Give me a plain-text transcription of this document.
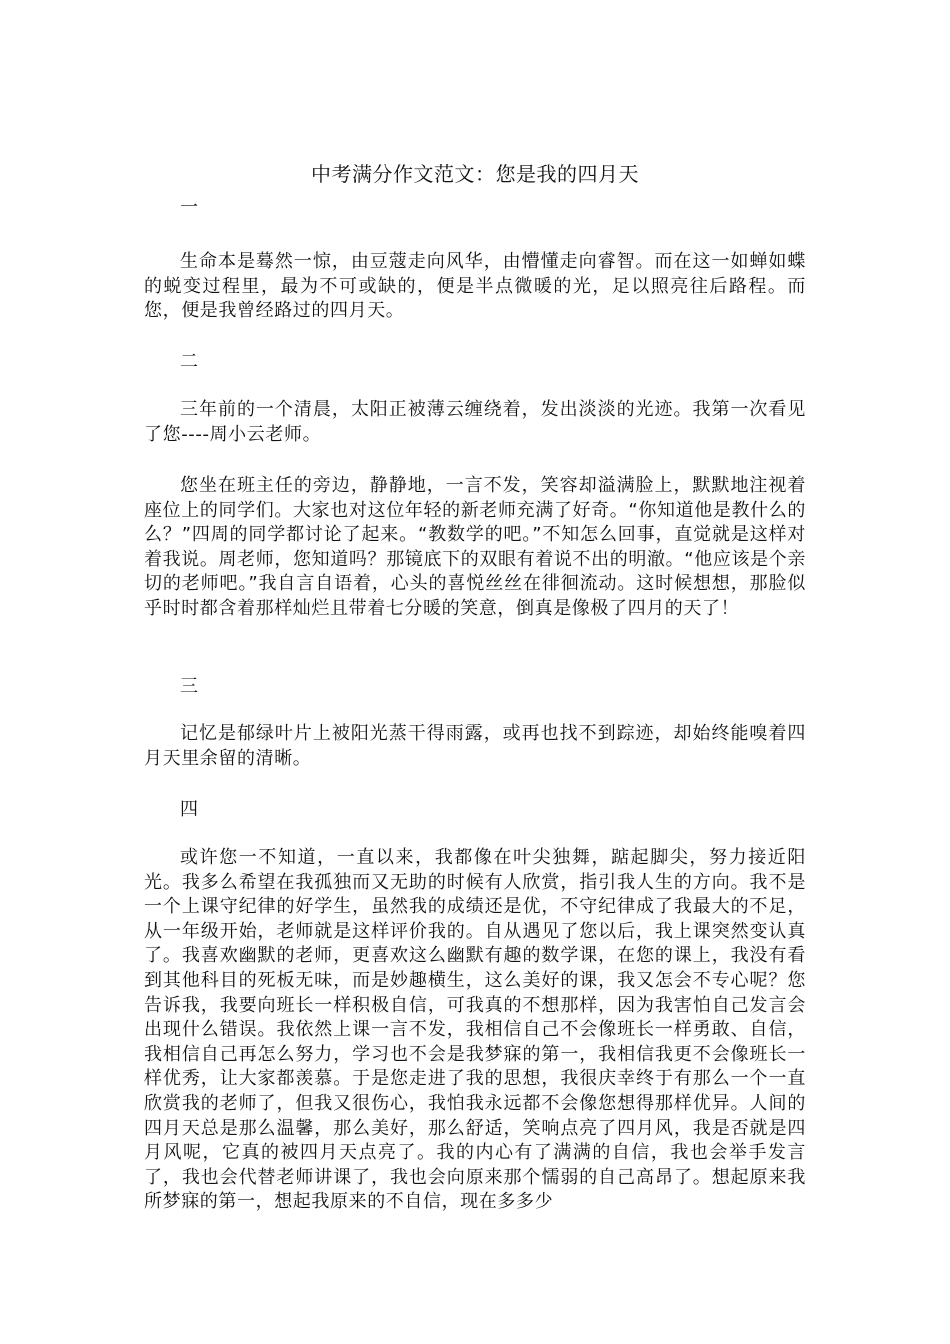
中考满分作文范文：您是我的四月天
一

生命本是蓦然一惊，由豆蔻走向风华，由懵懂走向睿智。而在这一如蝉如蝶的蜕变过程里，最为不可或缺的，便是半点微暖的光，足以照亮往后路程。而您，便是我曾经路过的四月天。

二

三年前的一个清晨，太阳正被薄云缠绕着，发出淡淡的光迹。我第一次看见了您----周小云老师。

您坐在班主任的旁边，静静地，一言不发，笑容却溢满脸上，默默地注视着座位上的同学们。大家也对这位年轻的新老师充满了好奇。“你知道他是教什么的么？”四周的同学都讨论了起来。“教数学的吧。”不知怎么回事，直觉就是这样对着我说。周老师，您知道吗？那镜底下的双眼有着说不出的明澈。“他应该是个亲切的老师吧。”我自言自语着，心头的喜悦丝丝在徘徊流动。这时候想想，那脸似乎时时都含着那样灿烂且带着七分暖的笑意，倒真是像极了四月的天了！

三

记忆是郁绿叶片上被阳光蒸干得雨露，或再也找不到踪迹，却始终能嗅着四月天里余留的清晰。

四

或许您一不知道，一直以来，我都像在叶尖独舞，踮起脚尖，努力接近阳光。我多么希望在我孤独而又无助的时候有人欣赏，指引我人生的方向。我不是一个上课守纪律的好学生，虽然我的成绩还是优，不守纪律成了我最大的不足，从一年级开始，老师就是这样评价我的。自从遇见了您以后，我上课突然变认真了。我喜欢幽默的老师，更喜欢这么幽默有趣的数学课，在您的课上，我没有看到其他科目的死板无味，而是妙趣横生，这么美好的课，我又怎会不专心呢？您告诉我，我要向班长一样积极自信，可我真的不想那样，因为我害怕自己发言会出现什么错误。我依然上课一言不发，我相信自己不会像班长一样勇敢、自信，我相信自己再怎么努力，学习也不会是我梦寐的第一，我相信我更不会像班长一样优秀，让大家都羡慕。于是您走进了我的思想，我很庆幸终于有那么一个一直欣赏我的老师了，但我又很伤心，我怕我永远都不会像您想得那样优异。人间的四月天总是那么温馨，那么美好，那么舒适，笑响点亮了四月风，我是否就是四月风呢，它真的被四月天点亮了。我的内心有了满满的自信，我也会举手发言了，我也会代替老师讲课了，我也会向原来那个懦弱的自己高昂了。想起原来我所梦寐的第一，想起我原来的不自信，现在多多少
